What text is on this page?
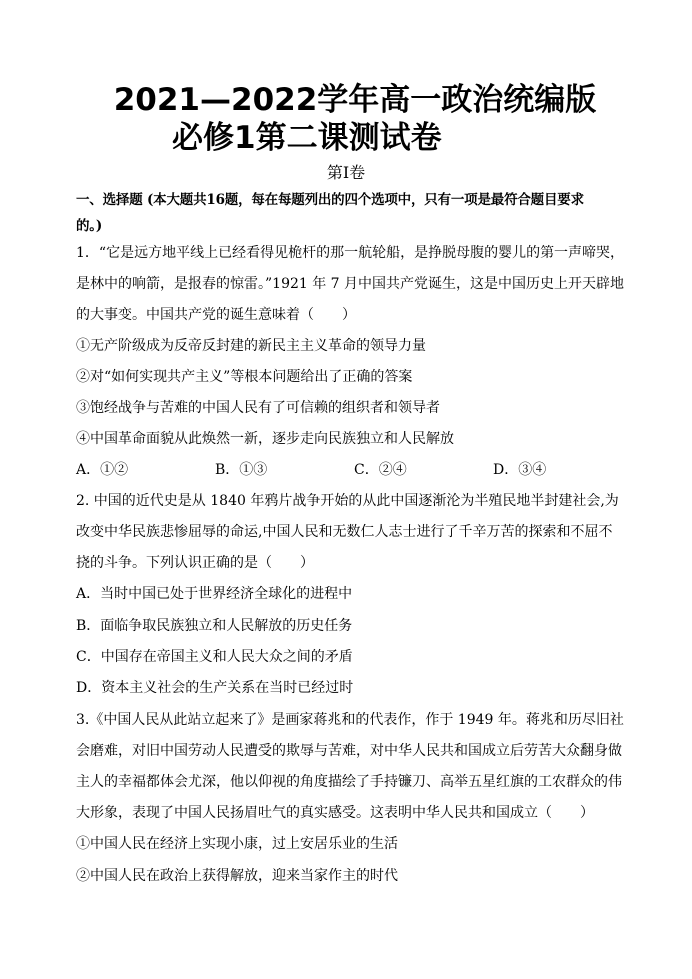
2021—2022学年高一政治统编版
必修1第二课测试卷
第I卷
一、选择题 (本大题共16题，每在每题列出的四个选项中，只有一项是最符合题目要求
的。)
1．“它是远方地平线上已经看得见桅杆的那一航轮船，是挣脱母腹的婴儿的第一声啼哭，
是林中的响箭，是报春的惊雷。”1921 年 7 月中国共产党诞生，这是中国历史上开天辟地
的大事变。中国共产党的诞生意味着（　　）
①无产阶级成为反帝反封建的新民主主义革命的领导力量
②对“如何实现共产主义”等根本问题给出了正确的答案
③饱经战争与苦难的中国人民有了可信赖的组织者和领导者
④中国革命面貌从此焕然一新，逐步走向民族独立和人民解放
A．①②	B．①③	C．②④	D．③④
2. 中国的近代史是从 1840 年鸦片战争开始的从此中国逐渐沦为半殖民地半封建社会,为
改变中华民族悲惨屈辱的命运,中国人民和无数仁人志士进行了千辛万苦的探索和不屈不
挠的斗争。下列认识正确的是（　　）
A．当时中国已处于世界经济全球化的进程中
B．面临争取民族独立和人民解放的历史任务
C．中国存在帝国主义和人民大众之间的矛盾
D．资本主义社会的生产关系在当时已经过时
3.《中国人民从此站立起来了》是画家蒋兆和的代表作，作于 1949 年。蒋兆和历尽旧社
会磨难，对旧中国劳动人民遭受的欺辱与苦难，对中华人民共和国成立后劳苦大众翻身做
主人的幸福都体会尤深，他以仰视的角度描绘了手持镰刀、高举五星红旗的工农群众的伟
大形象，表现了中国人民扬眉吐气的真实感受。这表明中华人民共和国成立（　　）
①中国人民在经济上实现小康，过上安居乐业的生活
②中国人民在政治上获得解放，迎来当家作主的时代
